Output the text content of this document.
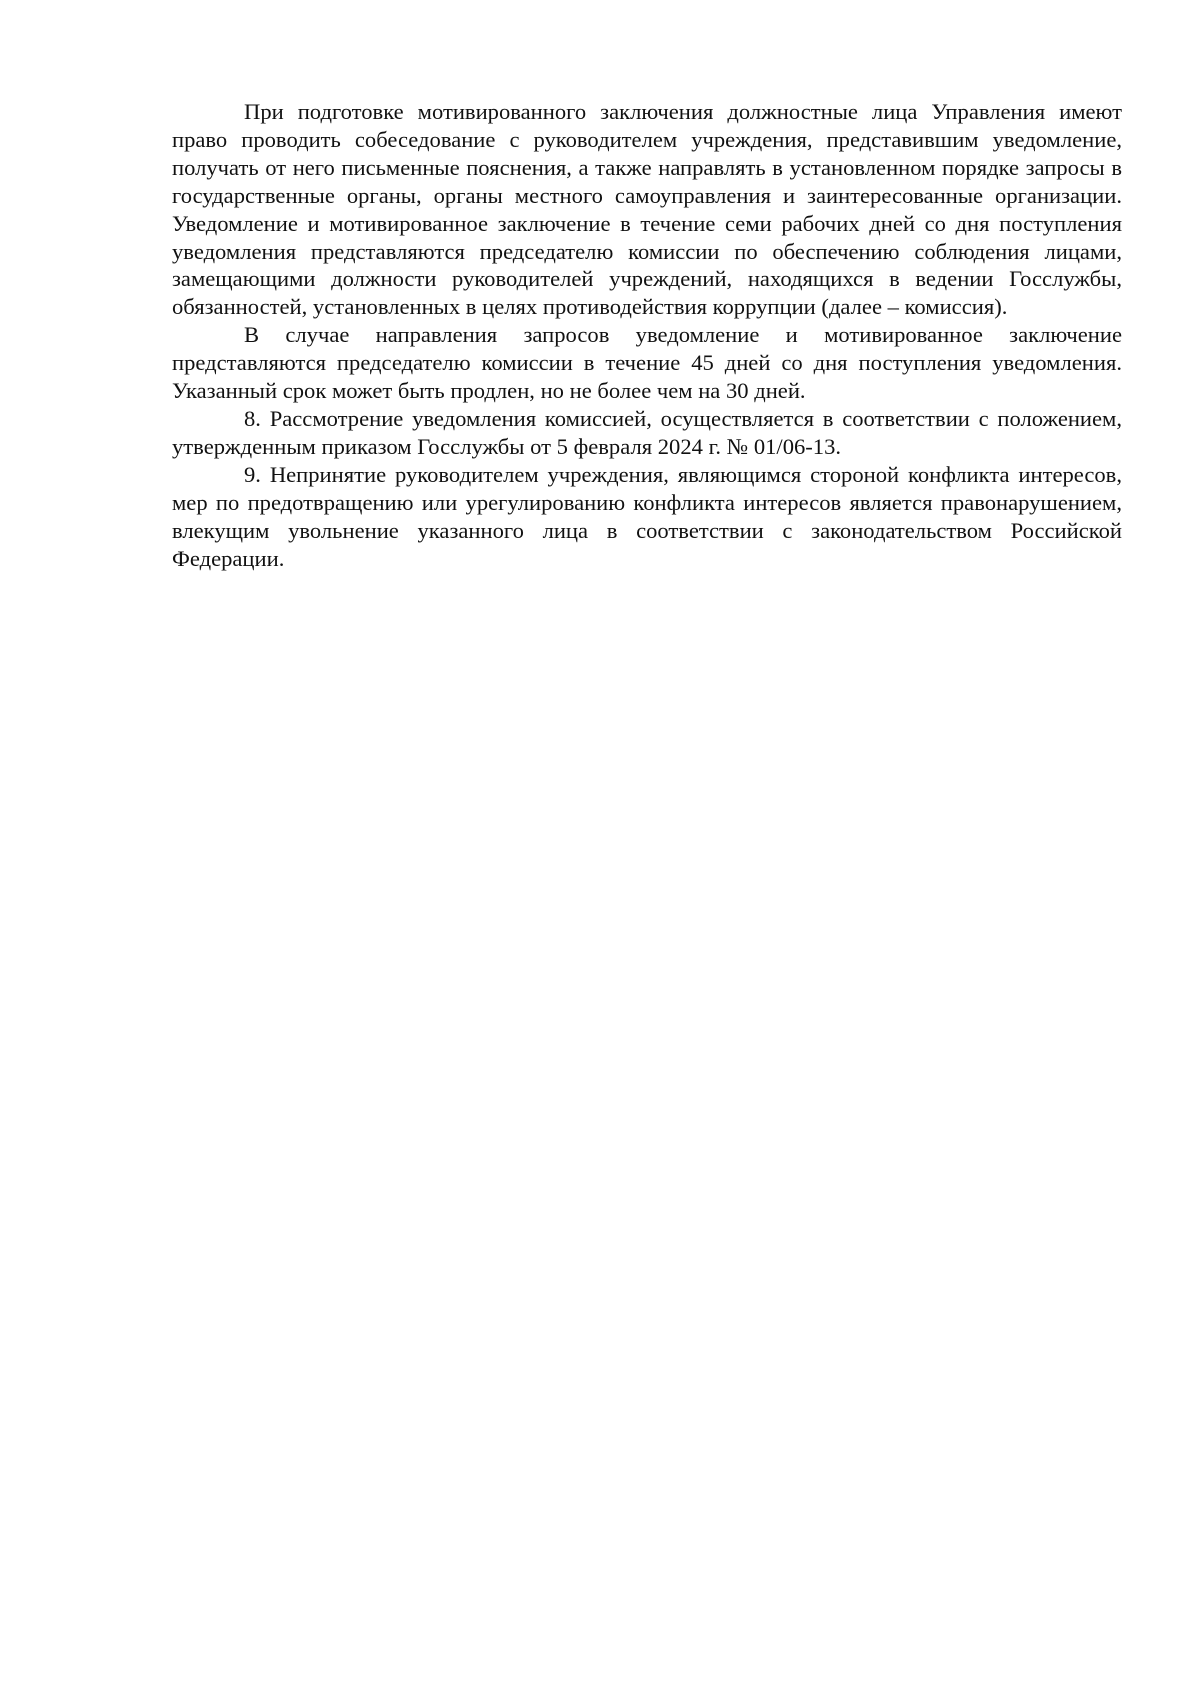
При подготовке мотивированного заключения должностные лица Управления имеют право проводить собеседование с руководителем учреждения, представившим уведомление, получать от него письменные пояснения, а также направлять в установленном порядке запросы в государственные органы, органы местного самоуправления и заинтересованные организации. Уведомление и мотивированное заключение в течение семи рабочих дней со дня поступления уведомления представляются председателю комиссии по обеспечению соблюдения лицами, замещающими должности руководителей учреждений, находящихся в ведении Госслужбы, обязанностей, установленных в целях противодействия коррупции (далее – комиссия).

В случае направления запросов уведомление и мотивированное заключение представляются председателю комиссии в течение 45 дней со дня поступления уведомления. Указанный срок может быть продлен, но не более чем на 30 дней.

8. Рассмотрение уведомления комиссией, осуществляется в соответствии с положением, утвержденным приказом Госслужбы от 5 февраля 2024 г. № 01/06-13.

9. Непринятие руководителем учреждения, являющимся стороной конфликта интересов, мер по предотвращению или урегулированию конфликта интересов является правонарушением, влекущим увольнение указанного лица в соответствии с законодательством Российской Федерации.
